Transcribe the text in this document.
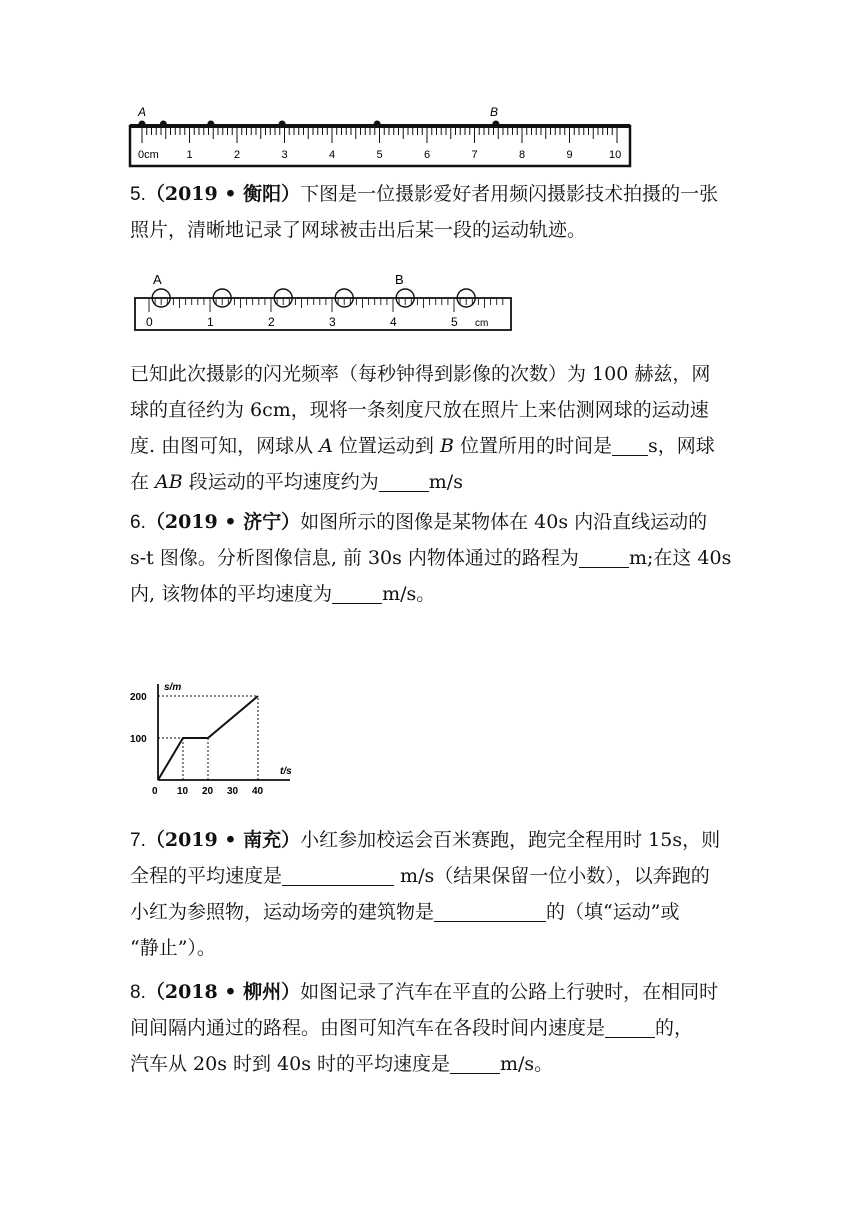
1	2	3	4	5	6	7	8	9	10
0cm
A	B

5.（2019 • 衡阳）下图是一位摄影爱好者用频闪摄影技术拍摄的一张

照片，清晰地记录了网球被击出后某一段的运动轨迹。

0	1	2	3	4	5 cm
A	B

已知此次摄影的闪光频率（每秒钟得到影像的次数）为 100 赫兹，网

球的直径约为 6cm，现将一条刻度尺放在照片上来估测网球的运动速

度. 由图可知，网球从 A 位置运动到 B 位置所用的时间是 s，网球

在 AB 段运动的平均速度约为	m/s

6.（2019 • 济宁）如图所示的图像是某物体在 40s 内沿直线运动的

s-t 图像。分析图像信息, 前 30s 内物体通过的路程为	m;在这 40s

内, 该物体的平均速度为	m/s。

100
200
0 10 20 30 40
s/m
t/s

7.（2019 • 南充）小红参加校运会百米赛跑，跑完全程用时 15s，则

全程的平均速度是	m/s（结果保留一位小数），以奔跑的

小红为参照物，运动场旁的建筑物是	的（填“运动”或

“静止”）。

8.（2018 • 柳州）如图记录了汽车在平直的公路上行驶时，在相同时

间间隔内通过的路程。由图可知汽车在各段时间内速度是	的，

汽车从 20s 时到 40s 时的平均速度是	m/s。
